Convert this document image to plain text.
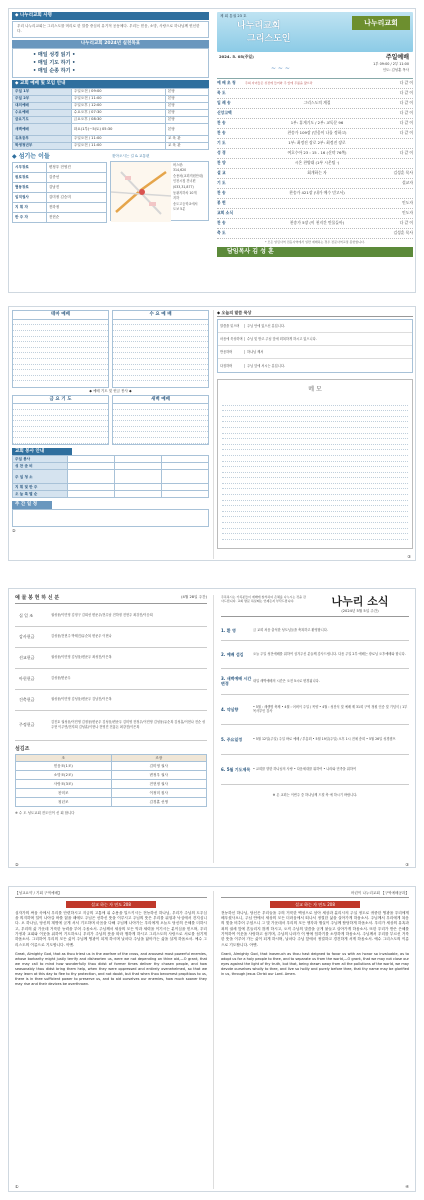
◆ 나누리교회 사명
우리 나누리교회는 그리스도를 머리로 한 말씀 중심의 유기적 공동체다. 우리는 믿음, 소망, 사랑으로 하나님께 헌신한다.
나누리교회 2024년 실천목표
• 매일 성경 읽기 •
• 매일 기도 하기 •
• 매일 순종 하기 •
◆ 교회 예배 및 모임 안내
주일 1부	주일오전 / 09:00	본당
주일 2부	주일오전 / 11:00	본당
대의예배	주일오후 / 12:00	본당
수요예배	수요오후 / 07:30	본당
금요기도	금요오후 / 08:30	본당
새벽예배	화요(1부)~5(토) 05:30	본당
유초등부	주일오전 / 11:00	교 육 관
학생청년부	주일오전 / 11:00	교 육 관
◆ 섬기는 이들
시무장로	변정우 전영진
원로장로	김종선
협동장로	김남진
임직권사	김미정 김승미
지 휘 자	전하정
반 주 자	전현순
찾아오시는 길 & 교통편
버스편:
314,620
승용차(교회직원안내)
인천시청 건너편
(033,31,877)
동광지하차 10개
지하
송도고등학교에서
도보 5분
제 회 통권 23 호
나누리교회
그리스도인
나누리교회
2024. 5. 05(주일)	주일예배
1부 09:00 / 2부 11:00
인도: 김성훈 목사
~ ~ ~
예 배 초 청	주의 자녀들은 성전에 들어와 주 앞에 무릎을 꿇으라	다 같 이
묵 도	다 같 이
입 례 송	그리스도의 계절	다 같 이
신앙고백	다 같 이
찬 송	1부: 휴게기도 / 2부: 교독문 96	다 같 이
찬 송	찬송가 109장 (믿음이 나를 정하고)	다 같 이
기 도	1부: 최정진 장로 2부: 최정진 장로
성 경	여호수아 23 : 15 - 16 (신약 76쪽)	다 같 이
찬 양	시온 찬양대 (1부 시온팀 ·)
설 교	회개하는 자	김성훈 목사
기 도	설교자
찬 송	찬송가 421장 (내가 예수 믿고서)
봉 헌	인도자
교회 소식	인도자
찬 송	찬송가 5장 (이 천지간 만물들아)	다 같 이
축 도	김성훈 목사
* 모든 알림사역 전등사역에서 일반 예배하는 경우 전문사역교정 봉헌합니다.
담임목사 김 성 훈
테마 예배	수 요 예 배
◆ 예배 기도 및 헌금 봉사 ◆
금 요 기 도	새벽 예배
교회 봉사 안내
주일 봉사			
성 찬 준 비			
주 일 청 소			
지 휘 및 반 주			
오 늘 특 별 순			
주 간 일 정
②
◆ 오늘의 말씀 묵상
말씀을 읽으며	주님 안에 있으신 분입니다.
마음에 묵상하며	수님 및 받고 주님 앞에 회복하게 하시고 있으니다.
반응하며	하나님 께서
다짐하며	주님 앞에 서시는 분입니다.
메 모
③
예 물 봉 헌 하 신 분	(4월 28일 주간)
십 일 조	권성웅/이민영 김정구 김희선 변준우/전수남 전하정 전현주 최강진/이순희
감사헌금	김성웅/전현주 박태진/유순복 변준우 이현나
선교헌금	권성웅/이민영 김성웅/변준우 최성진/이은복
아헌헌금	김성웅/변준우
건축헌금	권성웅/이민영 김성웅/변준우 김남진/이은복
주정헌금	김진호 권성웅/이민영 김정웅/변준우 김성웅/변준우 김미영 전정우/이민영 김성웅/유순복 김성훈/이현나 전순 성주현 이주연/전지희 김성훈/이현나 전영진 전홍돈 최강진/이은복
섬김조
조	조장
믿음조(1조)	김미영 권사
소망조(2조)	변정우 권사
사랑조(3조)	전현정 권사
찬미조	이정미 집사
청년조	김경훈 선생
※ 수 도 성도교회 전도인이 신 회 합니다
②
주목하시는 가족분들이 예배에 참석하여 은혜를 나누시는 것을 감사드립니다. 교회 방문 하실때는 언제든지 부탁드립니다.	나누리 소식
(2024년 5월 5일 주간)
1. 환 영	금 교회 처음 출석한 성도님들을 축복하고 환영합니다.
2. 예배 섬김	오늘 주일 성전예배를 위하여 섬겨주신 분들께 감사드립니다. 다음 주일 2부 예배는 장로님 오후예배와 합니다.
3. 새벽예배 시간변경
내일 새벽예배의 시간은 오전 5시로 변경됩니다.
4. 약심향	• 5월 : 새생명 축제 • 4월 : 어버이 주일 / 목양 • 4월 : 성찬식 및 예배 제 31회 구역 정원 인증 및 기념식 / 1부 목사부인 감사
5. 주요일정	• 5월 12일(주일) 주일 바로 예배 / 부흥회 • 5월 19일(주일) 오후 1시 전체 총회 • 5월 26일 성경캠프
6. 5월 기도제목 • 교회를 향한 하나님의 사랑 • 다음세대를 위하여 • 나라와 민족을 위하여
※ 온 교회는 이번주 중 하나님께 드릴 축 예 하시기 바랍니다.
③
【성교요약 / 기회 구역예배】
설교 하는 자 연도 208
십자가의 싸움 속에서 우리를 단련하시고 지금의 고통에 위 수용을 일으키시는 전능하신 하나님, 우리가 주님의 도우심을 의지하며 일이 나아갈 바를 잃을 때에도 주님은 선하신 뜻을 이루시고 주님의 뜻은 우리를 위험과 낙심에서 건지십니다. 오 하나님, 당신의 계명에 굳게 서서 기도하며 마음을 다해 주님께 나아가는 우리에게 오늘도 당신의 은혜를 더하시고, 우리의 삶 가운데 거룩한 능력을 부어 주옵소서. 주님께서 세상의 모든 악과 세력을 이기시는 분이심을 믿으며, 우리 가정과 교회와 이웃을 위하여 기도하오니 우리가 주님의 뜻을 따라 행하게 하시고 그리스도의 사랑으로 서로를 섬기게 하옵소서. 그리하여 우리의 모든 삶이 주님께 영광이 되게 하시며 날마다 주님을 닮아가는 삶을 살게 하옵소서. 예수 그리스도의 이름으로 기도합니다. 아멘.
Great, Almighty God, that as thou triest us in the warfare of the cross, and arousest most powerful enemies, whose barbarity might justly terrify and dishearten us, were we not depending on thine aid,—O grant, that we may call to mind how wonderfully thou didst of former times deliver thy chosen people, and how seasonably thou didst bring them help, when they were oppressed and entirely overwhelmed, so that we may learn at this day to flee to thy protection, and not doubt, but that when thou becomest propitious to us, there is in thee sufficient power to preserve us, and to aid ourselves our enemies, how much sooner they may rise and their devices be overthrown.
①
어린이 나누리교회 【구역예배공과】
설교 하는 자 연도 208
전능하신 하나님, 당신은 우리들을 주의 거룩한 백성으로 삼아 세상과 분리시켜 주실 정도로 귀중한 영광을 우리에게 베푸셨사오니, 주님 안에서 세상의 모든 더러움에서 떠나서 정결한 삶을 살아가게 하옵소서. 주님께서 우리에게 복음의 빛을 비추어 주셨으니 그 빛 가운데서 우리의 모든 생각과 행실이 주님께 합당하게 하옵소서. 우리가 세상의 유혹과 죄의 권세 앞에 흔들리지 않게 하시고, 오직 주님의 말씀을 굳게 붙들고 살아가게 하옵소서. 또한 우리가 받은 은혜를 기억하여 이웃을 사랑하고 섬기며, 주님의 나라가 이 땅에 임하기를 소망하게 하옵소서. 주님께서 우리를 부르신 거룩한 뜻을 이루어 가는 삶이 되게 하시며, 날마다 주님 앞에서 정결하고 경건하게 서게 하옵소서. 예수 그리스도의 이름으로 기도합니다. 아멘.
Grant, Almighty God, that inasmuch as thou hast deigned to favor us with an honor so invaluable, as to adopt us for a holy people to thee, and to separate us from the world,—O grant, that we may not close our eyes against the light of thy truth, but that, being drawn away from all the pollutions of the world, we may devote ourselves wholly to thee, and live so holily and purely before thee, that thy name may be glorified in us, through Jesus Christ our Lord. Amen.
④
